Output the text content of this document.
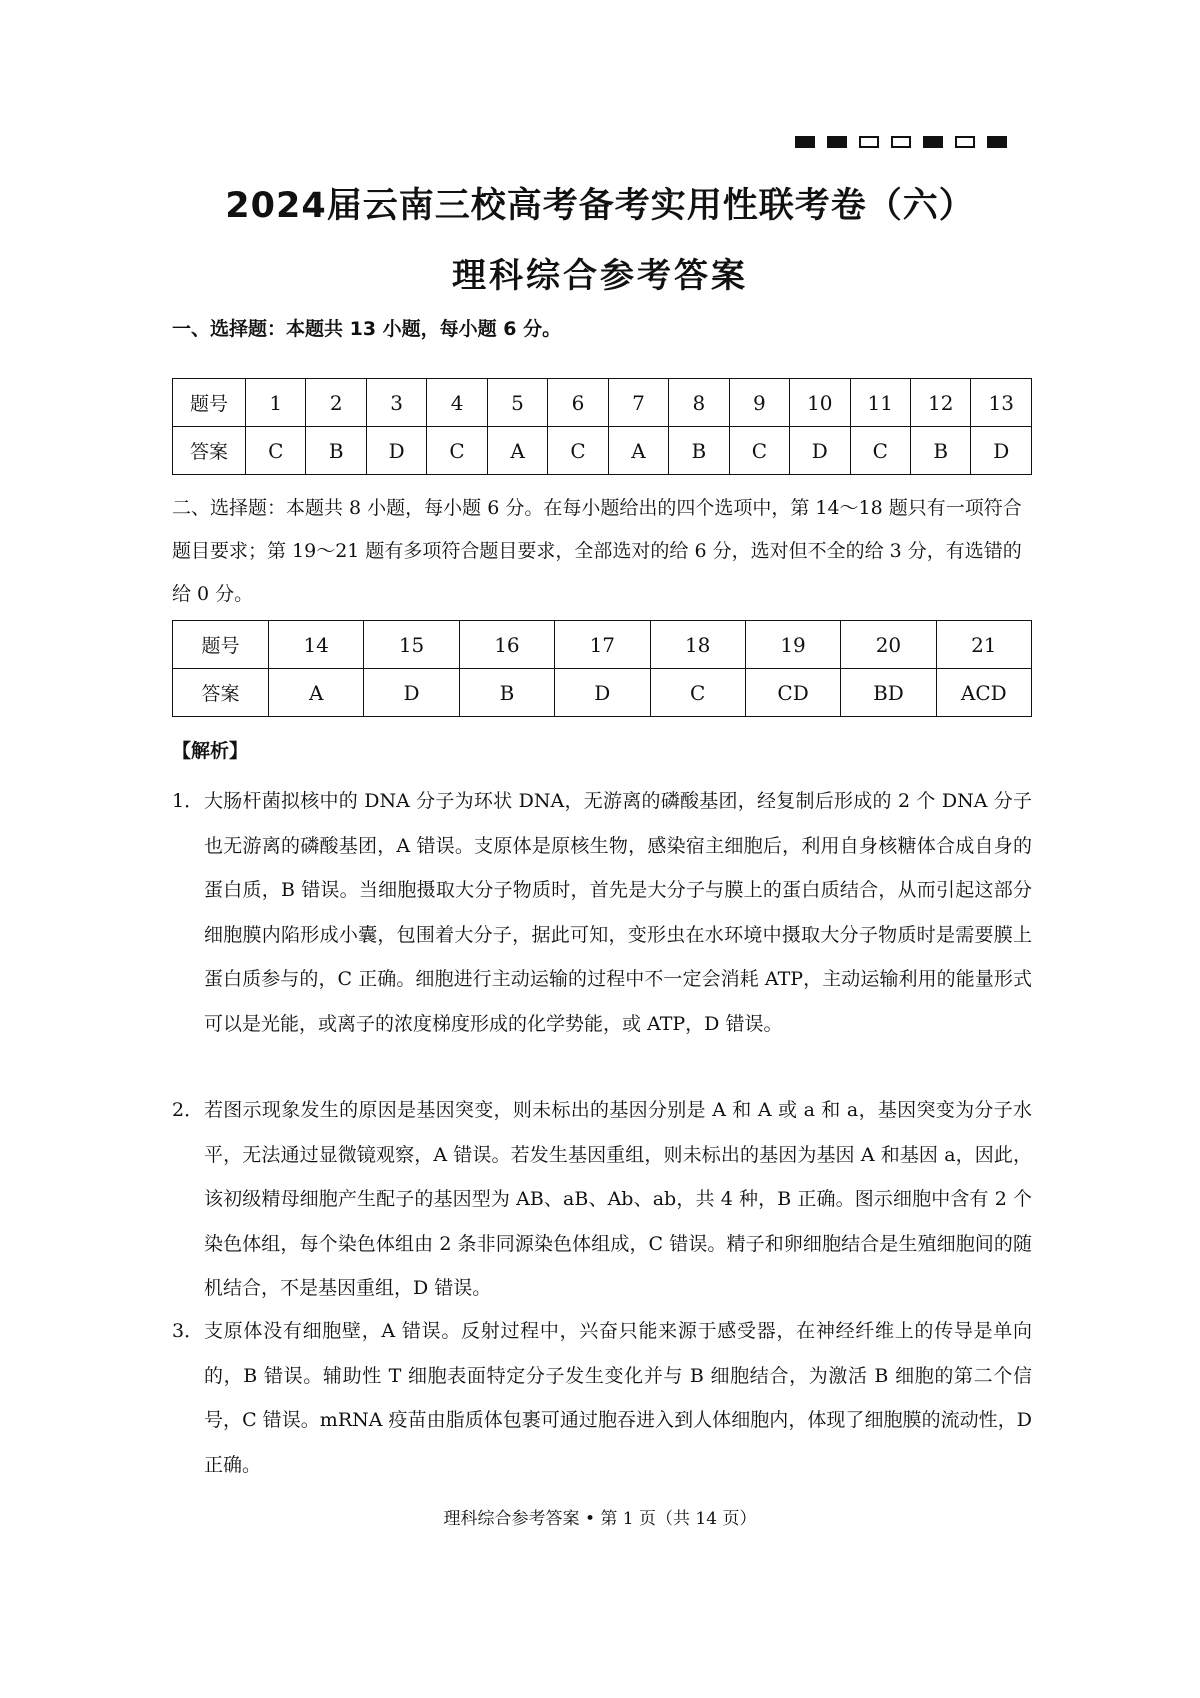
2024届云南三校高考备考实用性联考卷（六）
理科综合参考答案
一、选择题：本题共 13 小题，每小题 6 分。
题号	1	2	3	4	5	6	7	8	9	10	11	12	13
答案	C	B	D	C	A	C	A	B	C	D	C	B	D
二、选择题：本题共 8 小题，每小题 6 分。在每小题给出的四个选项中，第 14～18 题只有一项符合题目要求；第 19～21 题有多项符合题目要求，全部选对的给 6 分，选对但不全的给 3 分，有选错的给 0 分。
题号	14	15	16	17	18	19	20	21
答案	A	D	B	D	C	CD	BD	ACD
【解析】
1． 大肠杆菌拟核中的 DNA 分子为环状 DNA，无游离的磷酸基团，经复制后形成的 2 个 DNA 分子也无游离的磷酸基团，A 错误。支原体是原核生物，感染宿主细胞后，利用自身核糖体合成自身的蛋白质，B 错误。当细胞摄取大分子物质时，首先是大分子与膜上的蛋白质结合，从而引起这部分细胞膜内陷形成小囊，包围着大分子，据此可知，变形虫在水环境中摄取大分子物质时是需要膜上蛋白质参与的，C 正确。细胞进行主动运输的过程中不一定会消耗 ATP，主动运输利用的能量形式可以是光能，或离子的浓度梯度形成的化学势能，或 ATP，D 错误。
2． 若图示现象发生的原因是基因突变，则未标出的基因分别是 A 和 A 或 a 和 a，基因突变为分子水平，无法通过显微镜观察，A 错误。若发生基因重组，则未标出的基因为基因 A 和基因 a，因此，该初级精母细胞产生配子的基因型为 AB、aB、Ab、ab，共 4 种，B 正确。图示细胞中含有 2 个染色体组，每个染色体组由 2 条非同源染色体组成，C 错误。精子和卵细胞结合是生殖细胞间的随机结合，不是基因重组，D 错误。
3． 支原体没有细胞壁，A 错误。反射过程中，兴奋只能来源于感受器，在神经纤维上的传导是单向的，B 错误。辅助性 T 细胞表面特定分子发生变化并与 B 细胞结合，为激活 B 细胞的第二个信号，C 错误。mRNA 疫苗由脂质体包裹可通过胞吞进入到人体细胞内，体现了细胞膜的流动性，D 正确。
理科综合参考答案 • 第 1 页（共 14 页）
